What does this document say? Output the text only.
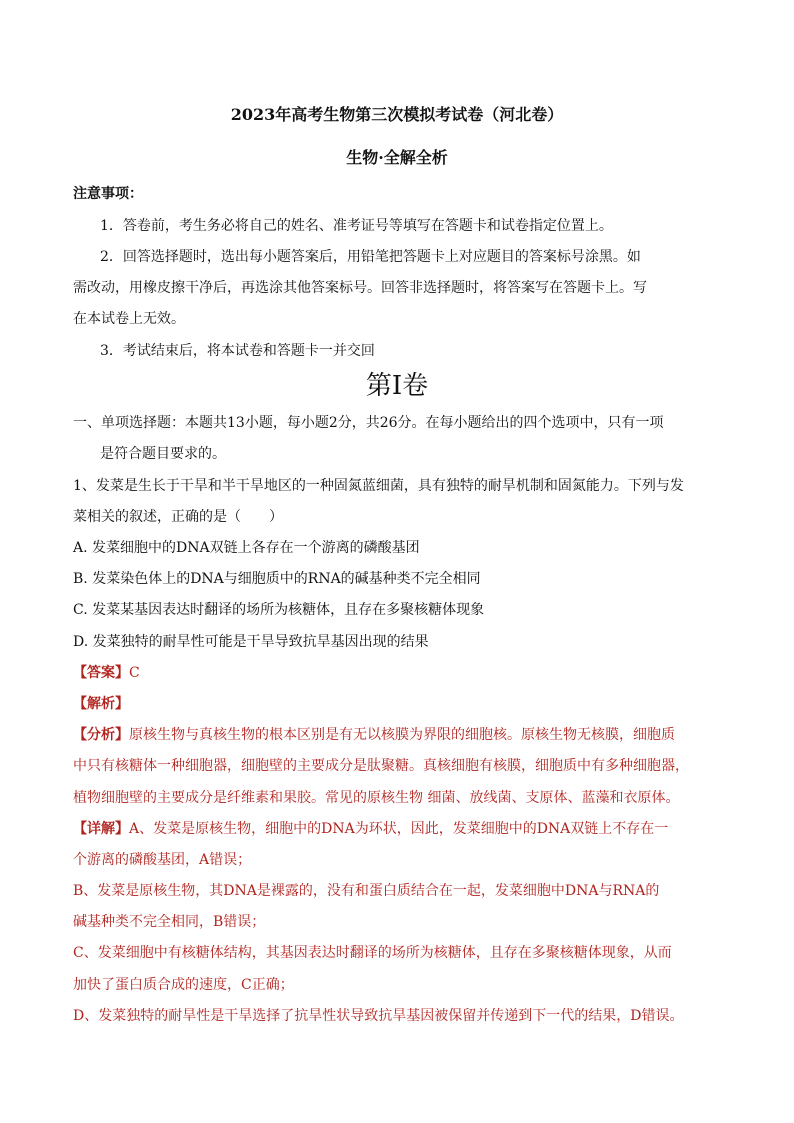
2023年高考生物第三次模拟考试卷（河北卷）
生物·全解全析
注意事项：
1．答卷前，考生务必将自己的姓名、准考证号等填写在答题卡和试卷指定位置上。
2．回答选择题时，选出每小题答案后，用铅笔把答题卡上对应题目的答案标号涂黑。如
需改动，用橡皮擦干净后，再选涂其他答案标号。回答非选择题时，将答案写在答题卡上。写
在本试卷上无效。
3．考试结束后，将本试卷和答题卡一并交回
第Ⅰ卷
一、单项选择题：本题共13小题，每小题2分，共26分。在每小题给出的四个选项中，只有一项
是符合题目要求的。
1、发菜是生长于干旱和半干旱地区的一种固氮蓝细菌，具有独特的耐旱机制和固氮能力。下列与发
菜相关的叙述，正确的是（　　）
A. 发菜细胞中的DNA双链上各存在一个游离的磷酸基团
B. 发菜染色体上的DNA与细胞质中的RNA的碱基种类不完全相同
C. 发菜某基因表达时翻译的场所为核糖体，且存在多聚核糖体现象
D. 发菜独特的耐旱性可能是干旱导致抗旱基因出现的结果
【答案】C
【解析】
【分析】原核生物与真核生物的根本区别是有无以核膜为界限的细胞核。原核生物无核膜，细胞质
中只有核糖体一种细胞器，细胞壁的主要成分是肽聚糖。真核细胞有核膜，细胞质中有多种细胞器，
植物细胞壁的主要成分是纤维素和果胶。常见的原核生物 细菌、放线菌、支原体、蓝藻和衣原体。
【详解】A、发菜是原核生物，细胞中的DNA为环状，因此，发菜细胞中的DNA双链上不存在一
个游离的磷酸基团，A错误；
B、发菜是原核生物，其DNA是裸露的，没有和蛋白质结合在一起，发菜细胞中DNA与RNA的
碱基种类不完全相同，B错误；
C、发菜细胞中有核糖体结构，其基因表达时翻译的场所为核糖体，且存在多聚核糖体现象，从而
加快了蛋白质合成的速度，C正确；
D、发菜独特的耐旱性是干旱选择了抗旱性状导致抗旱基因被保留并传递到下一代的结果，D错误。
